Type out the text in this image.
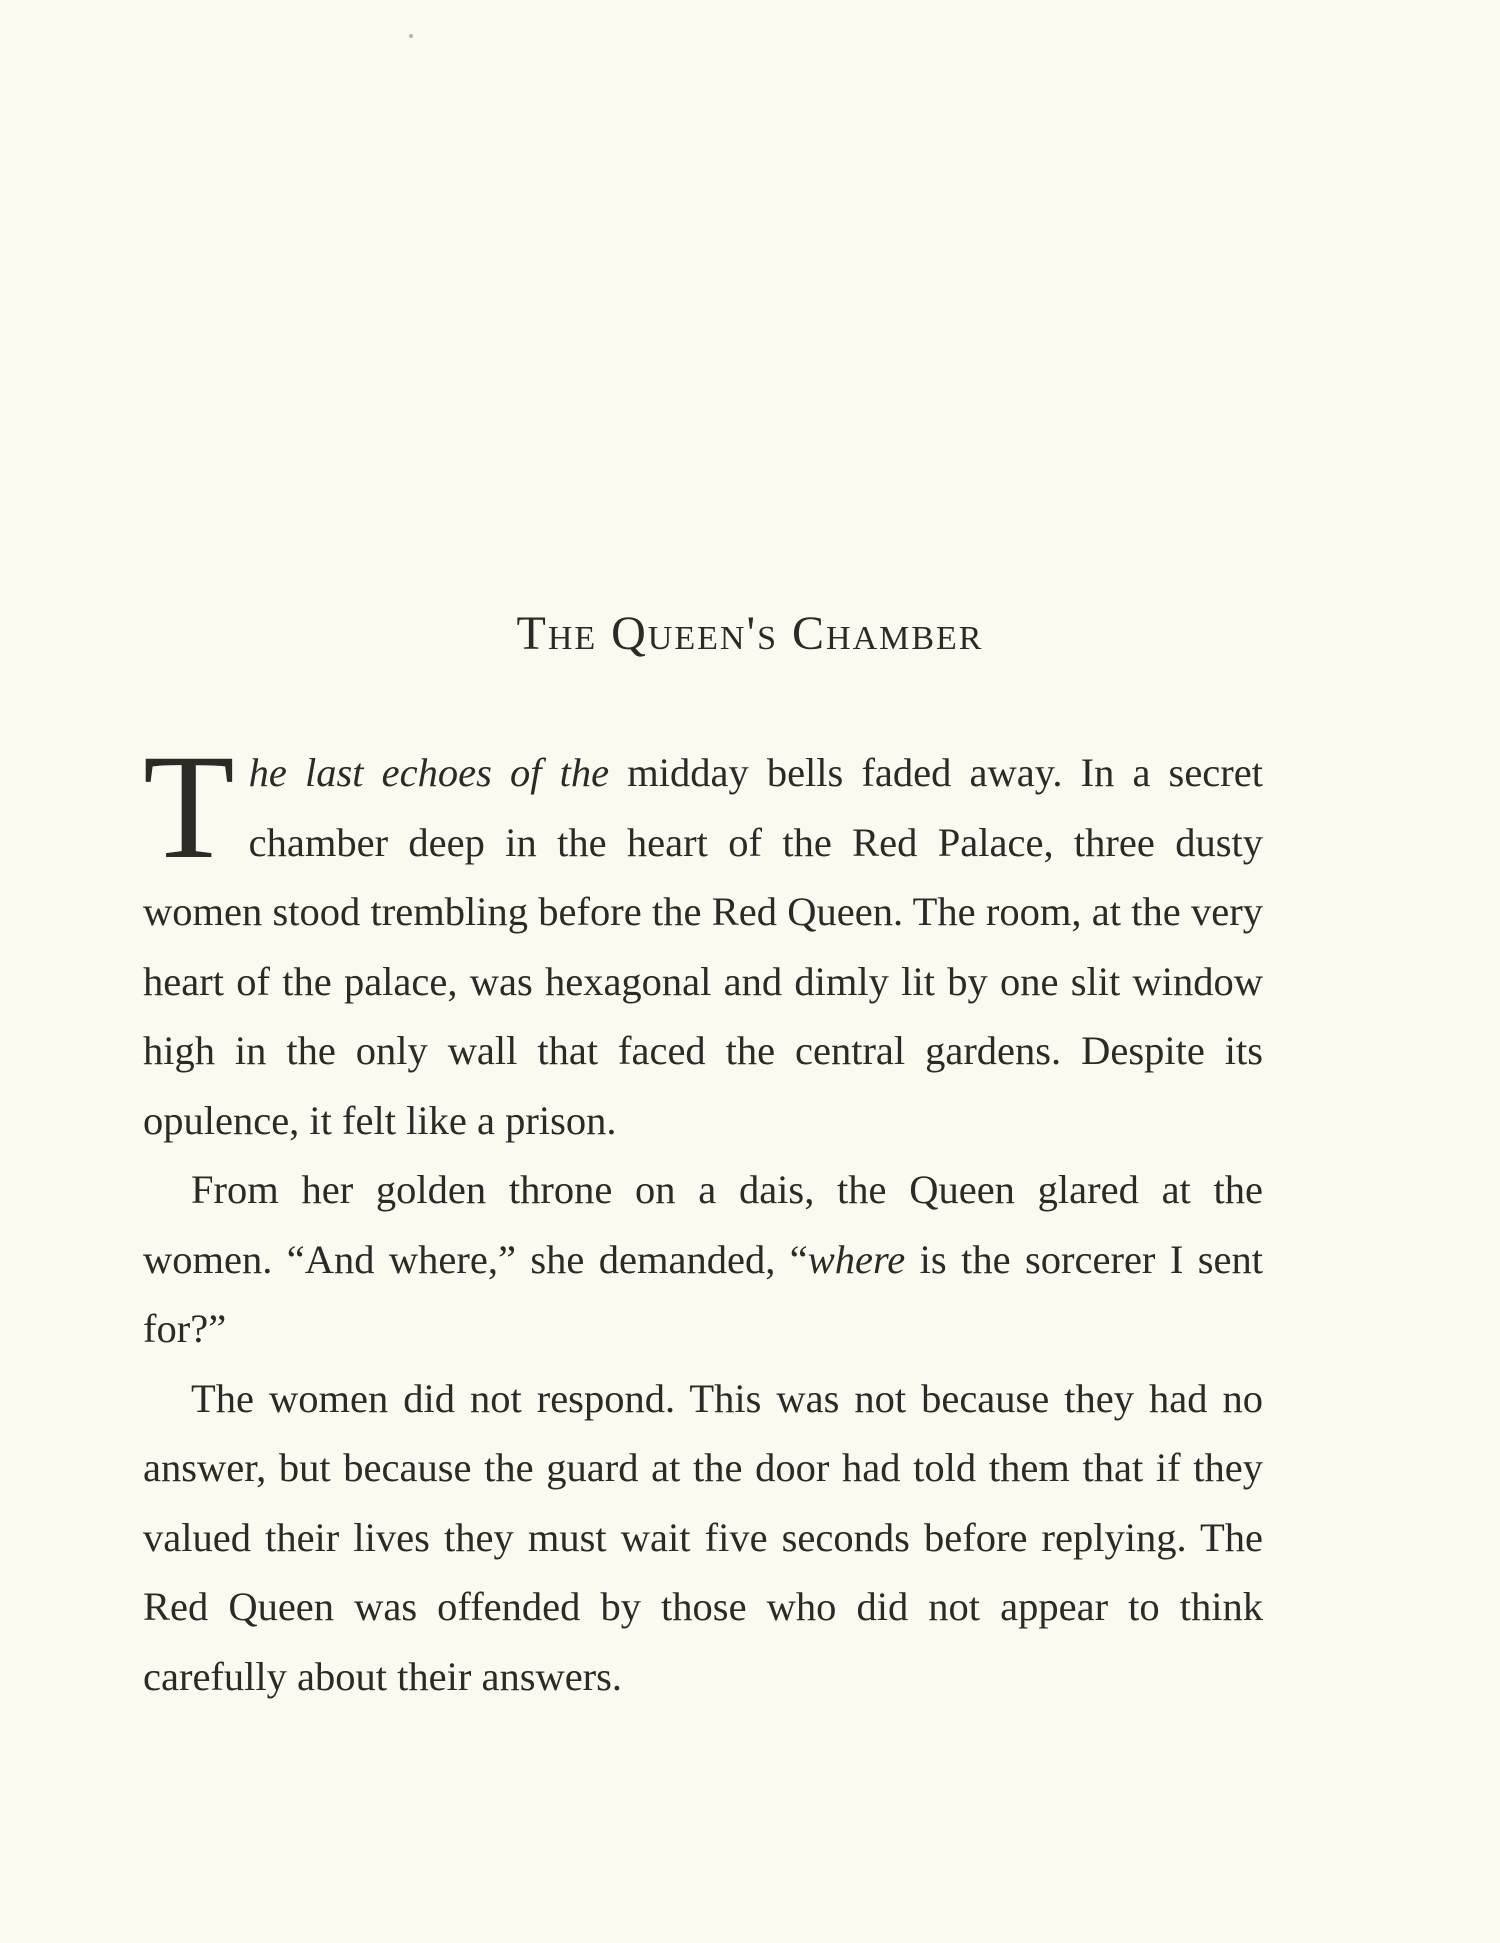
The Queen's Chamber

The last echoes of the midday bells faded away. In a secret chamber deep in the heart of the Red Palace, three dusty women stood trembling before the Red Queen. The room, at the very heart of the palace, was hexagonal and dimly lit by one slit window high in the only wall that faced the central gardens. Despite its opulence, it felt like a prison.

From her golden throne on a dais, the Queen glared at the women. “And where,” she demanded, “where is the sorcerer I sent for?”

The women did not respond. This was not because they had no answer, but because the guard at the door had told them that if they valued their lives they must wait five seconds before replying. The Red Queen was offended by those who did not appear to think carefully about their answers.
